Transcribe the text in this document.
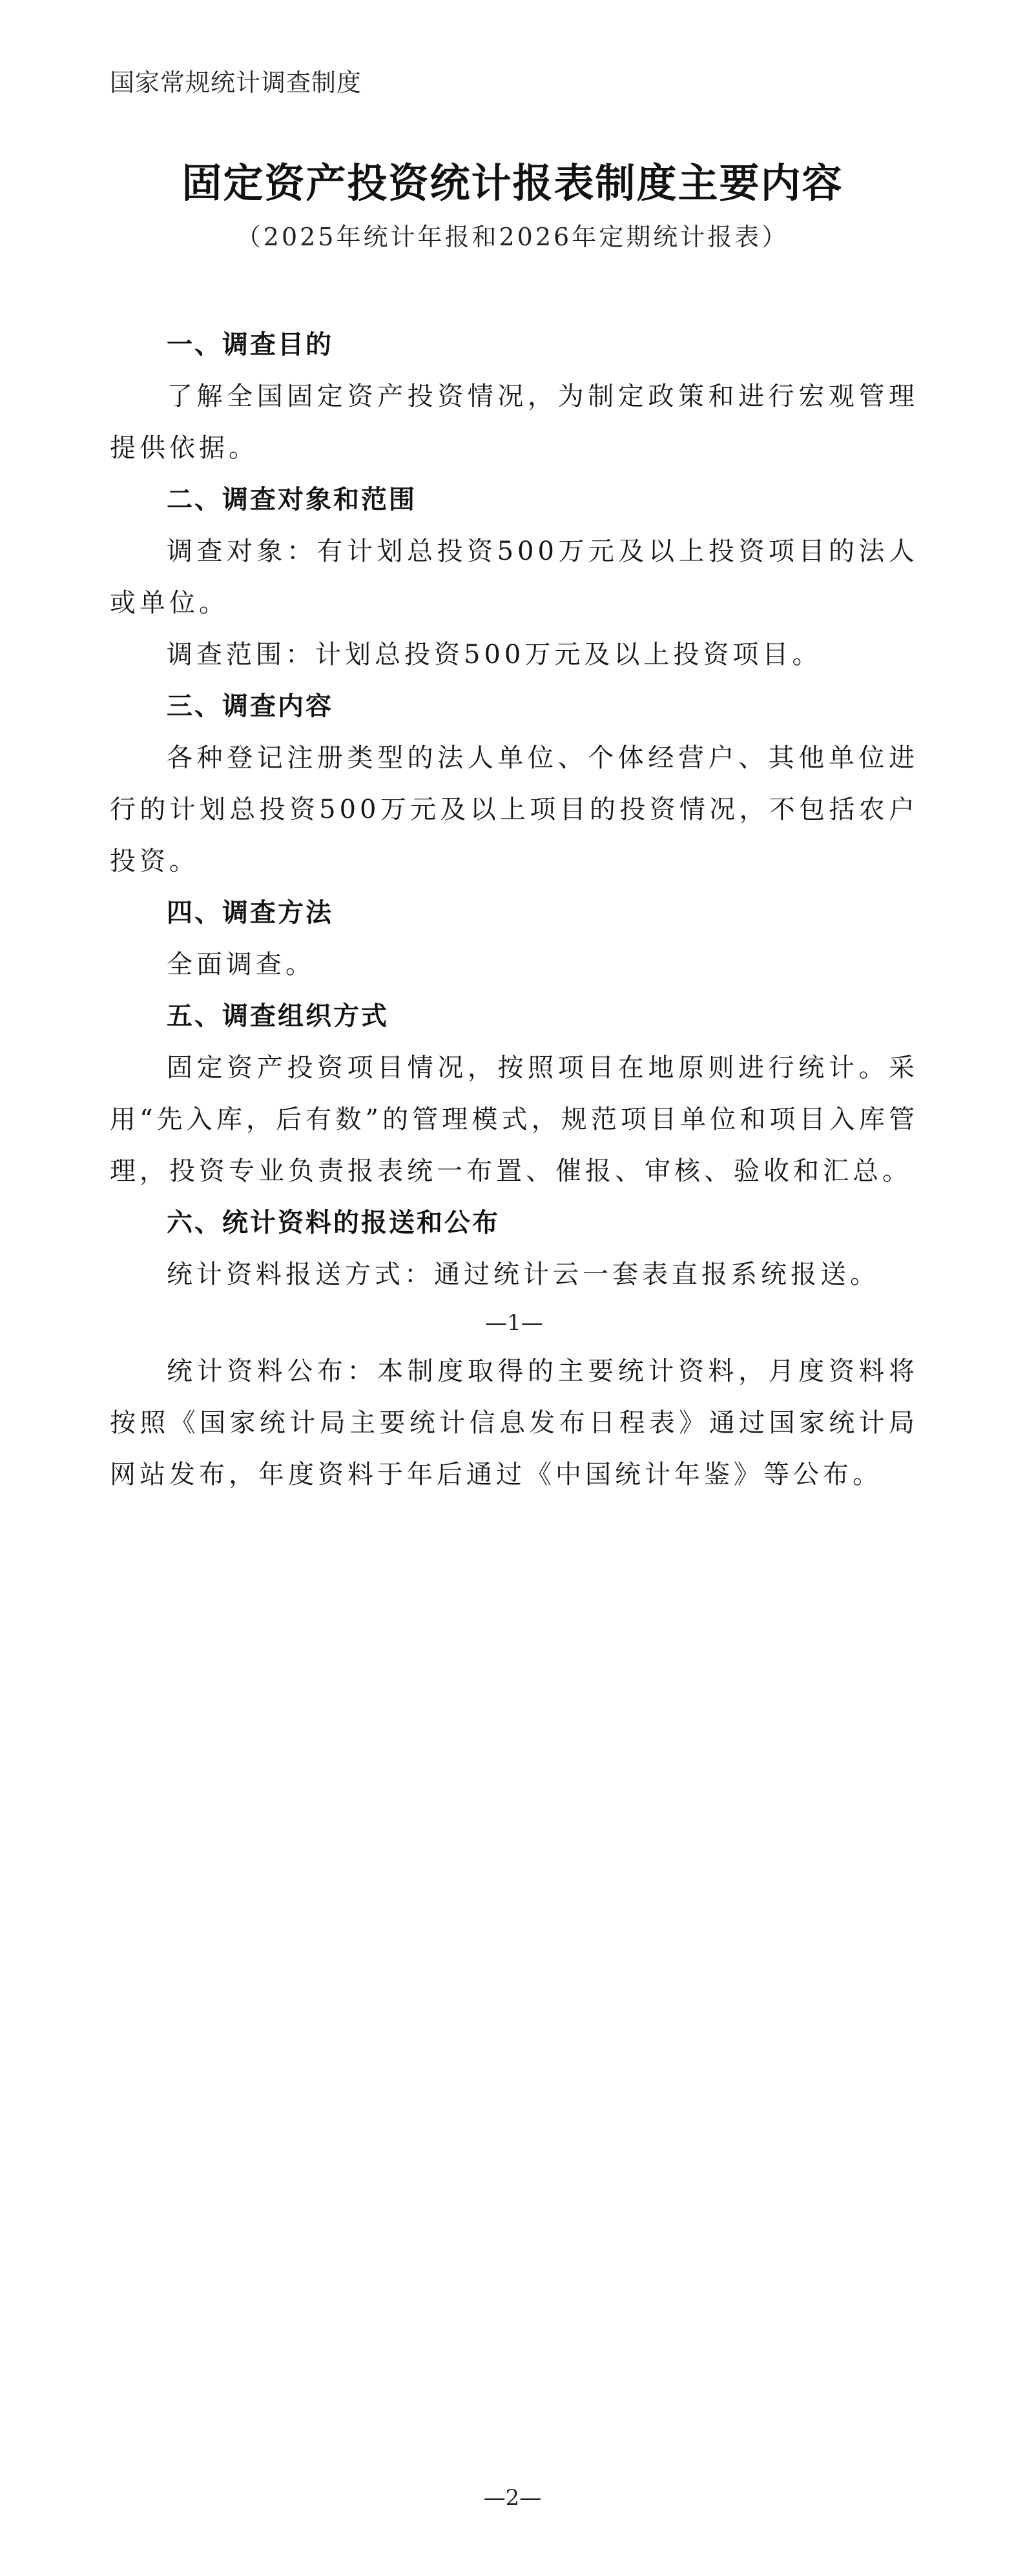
国家常规统计调查制度
固定资产投资统计报表制度主要内容
（2025年统计年报和2026年定期统计报表）

一、调查目的

了解全国固定资产投资情况，为制定政策和进行宏观管理提供依据。

二、调查对象和范围

调查对象：有计划总投资500万元及以上投资项目的法人或单位。

调查范围：计划总投资500万元及以上投资项目。

三、调查内容

各种登记注册类型的法人单位、个体经营户、其他单位进行的计划总投资500万元及以上项目的投资情况，不包括农户投资。

四、调查方法

全面调查。

五、调查组织方式

固定资产投资项目情况，按照项目在地原则进行统计。采用“先入库，后有数”的管理模式，规范项目单位和项目入库管理，投资专业负责报表统一布置、催报、审核、验收和汇总。

六、统计资料的报送和公布

统计资料报送方式：通过统计云一套表直报系统报送。

—1—

统计资料公布：本制度取得的主要统计资料，月度资料将按照《国家统计局主要统计信息发布日程表》通过国家统计局网站发布，年度资料于年后通过《中国统计年鉴》等公布。

—2—
